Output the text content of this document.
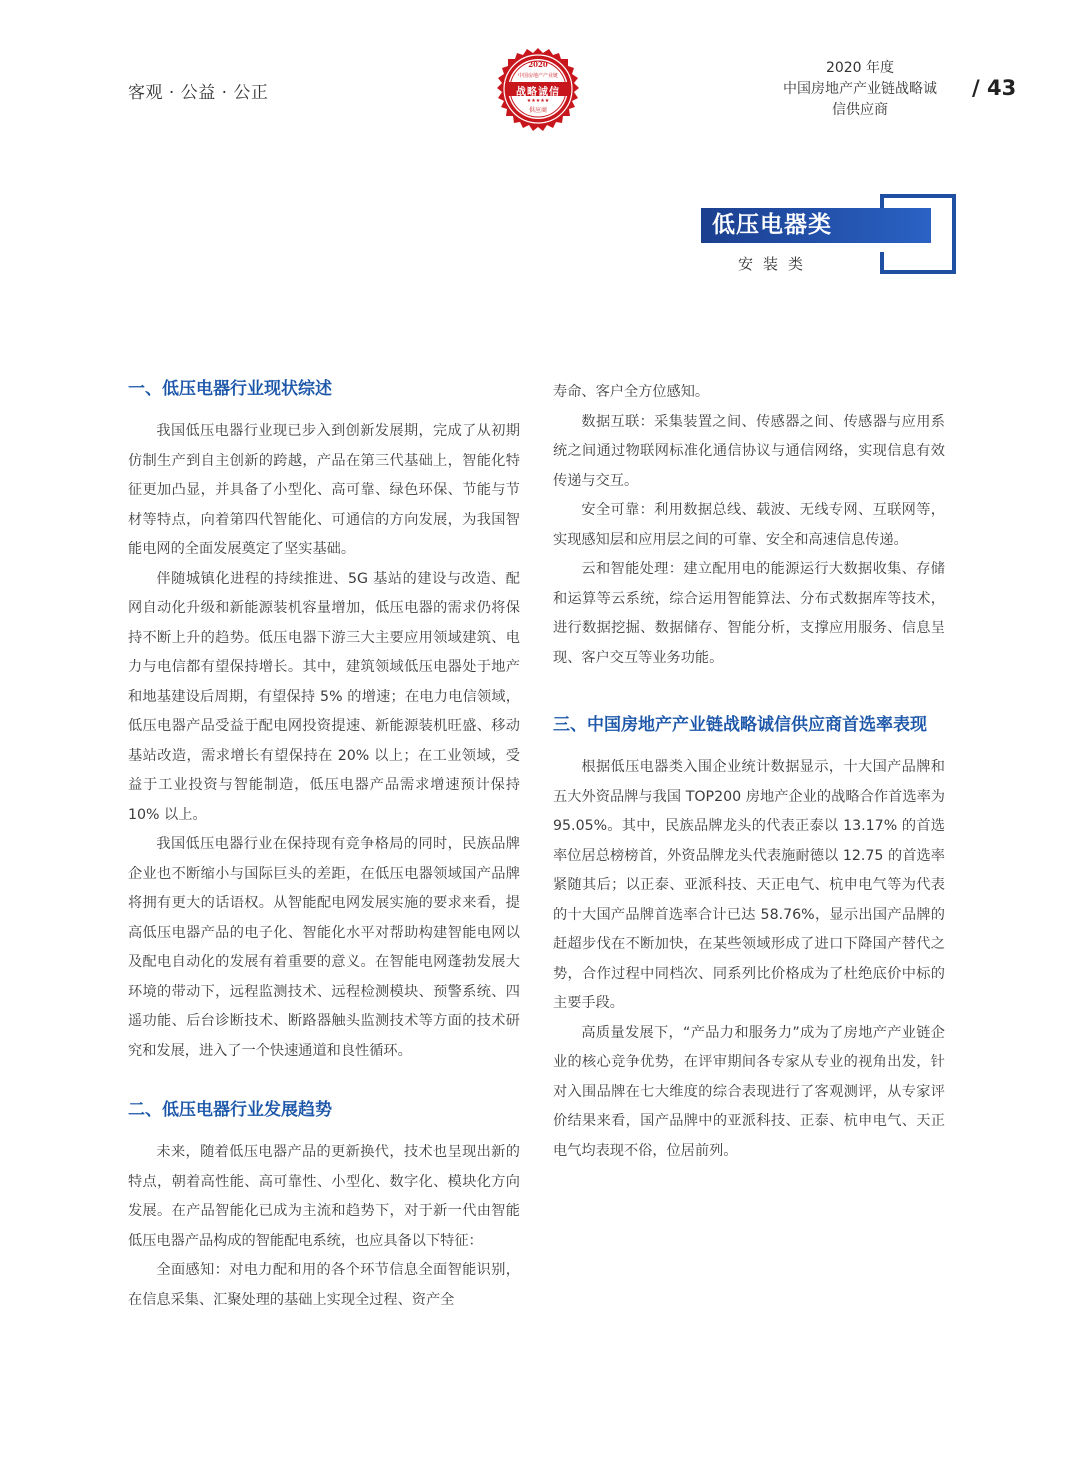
客观 · 公益 · 公正
2020
中国房地产产业链
战略诚信
★★★★★
供应商
2020 年度
中国房地产产业链战略诚信供应商
/ 43
低压电器类
安装类
一、低压电器行业现状综述

我国低压电器行业现已步入到创新发展期，完成了从初期仿制生产到自主创新的跨越，产品在第三代基础上，智能化特征更加凸显，并具备了小型化、高可靠、绿色环保、节能与节材等特点，向着第四代智能化、可通信的方向发展，为我国智能电网的全面发展奠定了坚实基础。

伴随城镇化进程的持续推进、5G 基站的建设与改造、配网自动化升级和新能源装机容量增加，低压电器的需求仍将保持不断上升的趋势。低压电器下游三大主要应用领域建筑、电力与电信都有望保持增长。其中，建筑领域低压电器处于地产和地基建设后周期，有望保持 5% 的增速；在电力电信领域，低压电器产品受益于配电网投资提速、新能源装机旺盛、移动基站改造，需求增长有望保持在 20% 以上；在工业领域，受益于工业投资与智能制造，低压电器产品需求增速预计保持 10% 以上。

我国低压电器行业在保持现有竞争格局的同时，民族品牌企业也不断缩小与国际巨头的差距，在低压电器领域国产品牌将拥有更大的话语权。从智能配电网发展实施的要求来看，提高低压电器产品的电子化、智能化水平对帮助构建智能电网以及配电自动化的发展有着重要的意义。在智能电网蓬勃发展大环境的带动下，远程监测技术、远程检测模块、预警系统、四遥功能、后台诊断技术、断路器触头监测技术等方面的技术研究和发展，进入了一个快速通道和良性循环。

二、低压电器行业发展趋势

未来，随着低压电器产品的更新换代，技术也呈现出新的特点，朝着高性能、高可靠性、小型化、数字化、模块化方向发展。在产品智能化已成为主流和趋势下，对于新一代由智能低压电器产品构成的智能配电系统，也应具备以下特征：

全面感知：对电力配和用的各个环节信息全面智能识别，在信息采集、汇聚处理的基础上实现全过程、资产全

寿命、客户全方位感知。

数据互联：采集装置之间、传感器之间、传感器与应用系统之间通过物联网标准化通信协议与通信网络，实现信息有效传递与交互。

安全可靠：利用数据总线、载波、无线专网、互联网等，实现感知层和应用层之间的可靠、安全和高速信息传递。

云和智能处理：建立配用电的能源运行大数据收集、存储和运算等云系统，综合运用智能算法、分布式数据库等技术，进行数据挖掘、数据储存、智能分析，支撑应用服务、信息呈现、客户交互等业务功能。

三、中国房地产产业链战略诚信供应商首选率表现

根据低压电器类入围企业统计数据显示，十大国产品牌和五大外资品牌与我国 TOP200 房地产企业的战略合作首选率为 95.05%。其中，民族品牌龙头的代表正泰以 13.17% 的首选率位居总榜榜首，外资品牌龙头代表施耐德以 12.75 的首选率紧随其后；以正泰、亚派科技、天正电气、杭申电气等为代表的十大国产品牌首选率合计已达 58.76%，显示出国产品牌的赶超步伐在不断加快，在某些领域形成了进口下降国产替代之势，合作过程中同档次、同系列比价格成为了杜绝底价中标的主要手段。

高质量发展下，“产品力和服务力”成为了房地产产业链企业的核心竞争优势，在评审期间各专家从专业的视角出发，针对入围品牌在七大维度的综合表现进行了客观测评，从专家评价结果来看，国产品牌中的亚派科技、正泰、杭申电气、天正电气均表现不俗，位居前列。
